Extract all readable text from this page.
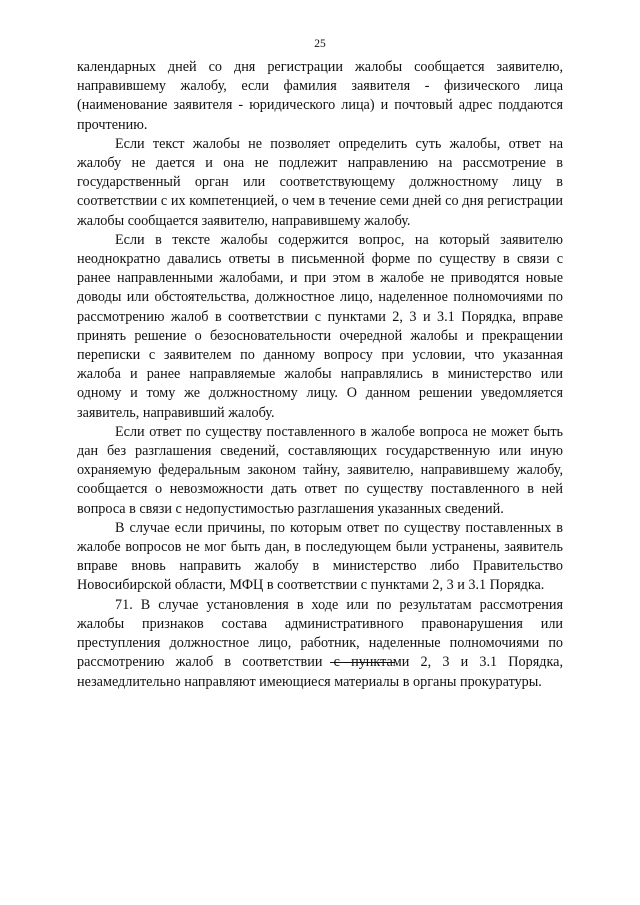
25

календарных дней со дня регистрации жалобы сообщается заявителю, направившему жалобу, если фамилия заявителя - физического лица (наименование заявителя - юридического лица) и почтовый адрес поддаются прочтению.

Если текст жалобы не позволяет определить суть жалобы, ответ на жалобу не дается и она не подлежит направлению на рассмотрение в государственный орган или соответствующему должностному лицу в соответствии с их компетенцией, о чем в течение семи дней со дня регистрации жалобы сообщается заявителю, направившему жалобу.

Если в тексте жалобы содержится вопрос, на который заявителю неоднократно давались ответы в письменной форме по существу в связи с ранее направленными жалобами, и при этом в жалобе не приводятся новые доводы или обстоятельства, должностное лицо, наделенное полномочиями по рассмотрению жалоб в соответствии с пунктами 2, 3 и 3.1 Порядка, вправе принять решение о безосновательности очередной жалобы и прекращении переписки с заявителем по данному вопросу при условии, что указанная жалоба и ранее направляемые жалобы направлялись в министерство или одному и тому же должностному лицу. О данном решении уведомляется заявитель, направивший жалобу.

Если ответ по существу поставленного в жалобе вопроса не может быть дан без разглашения сведений, составляющих государственную или иную охраняемую федеральным законом тайну, заявителю, направившему жалобу, сообщается о невозможности дать ответ по существу поставленного в ней вопроса в связи с недопустимостью разглашения указанных сведений.

В случае если причины, по которым ответ по существу поставленных в жалобе вопросов не мог быть дан, в последующем были устранены, заявитель вправе вновь направить жалобу в министерство либо Правительство Новосибирской области, МФЦ в соответствии с пунктами 2, 3 и 3.1 Порядка.

71. В случае установления в ходе или по результатам рассмотрения жалобы признаков состава административного правонарушения или преступления должностное лицо, работник, наделенные полномочиями по рассмотрению жалоб в соответствии с пунктами 2, 3 и 3.1 Порядка, незамедлительно направляют имеющиеся материалы в органы прокуратуры.
